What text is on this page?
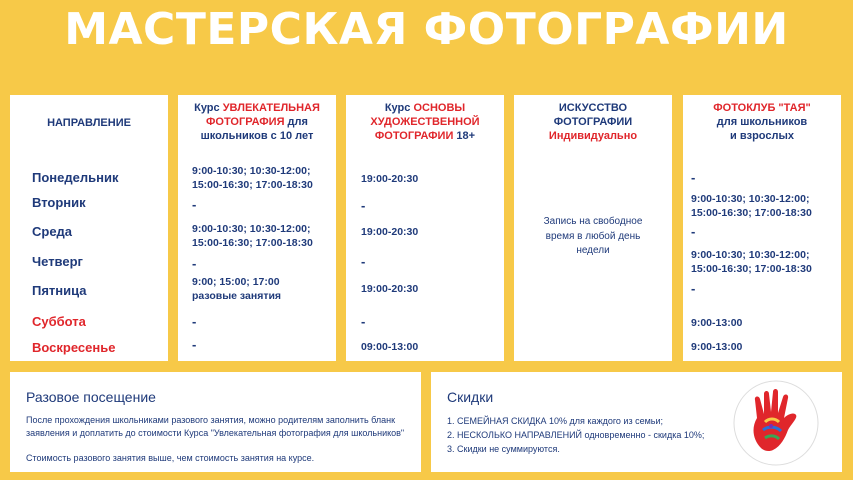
МАСТЕРСКАЯ ФОТОГРАФИИ
НАПРАВЛЕНИЕ
Понедельник
Вторник
Среда
Четверг
Пятница
Суббота
Воскресенье
Курс УВЛЕКАТЕЛЬНАЯ ФОТОГРАФИЯ для школьников с 10 лет
9:00-10:30; 10:30-12:00; 15:00-16:30; 17:00-18:30
-
9:00-10:30; 10:30-12:00; 15:00-16:30; 17:00-18:30
-
9:00; 15:00; 17:00 разовые занятия
-
-
Курс ОСНОВЫ ХУДОЖЕСТВЕННОЙ ФОТОГРАФИИ 18+
19:00-20:30
-
19:00-20:30
-
19:00-20:30
-
09:00-13:00
ИСКУССТВО
ФОТОГРАФИИ
Индивидуально
Запись на свободное время в любой день недели
ФОТОКЛУБ "ТАЯ"
для школьников
и взрослых
-
9:00-10:30; 10:30-12:00; 15:00-16:30; 17:00-18:30
-
9:00-10:30; 10:30-12:00; 15:00-16:30; 17:00-18:30
-
9:00-13:00
9:00-13:00
Разовое посещение
После прохождения школьниками разового занятия, можно родителям заполнить бланк заявления и доплатить до стоимости Курса "Увлекательная фотография для школьников"
Стоимость разового занятия выше, чем стоимость занятия на курсе.
Скидки
1. СЕМЕЙНАЯ СКИДКА 10% для каждого из семьи;
2. НЕСКОЛЬКО НАПРАВЛЕНИЙ одновременно - скидка 10%;
3. Скидки не суммируются.
